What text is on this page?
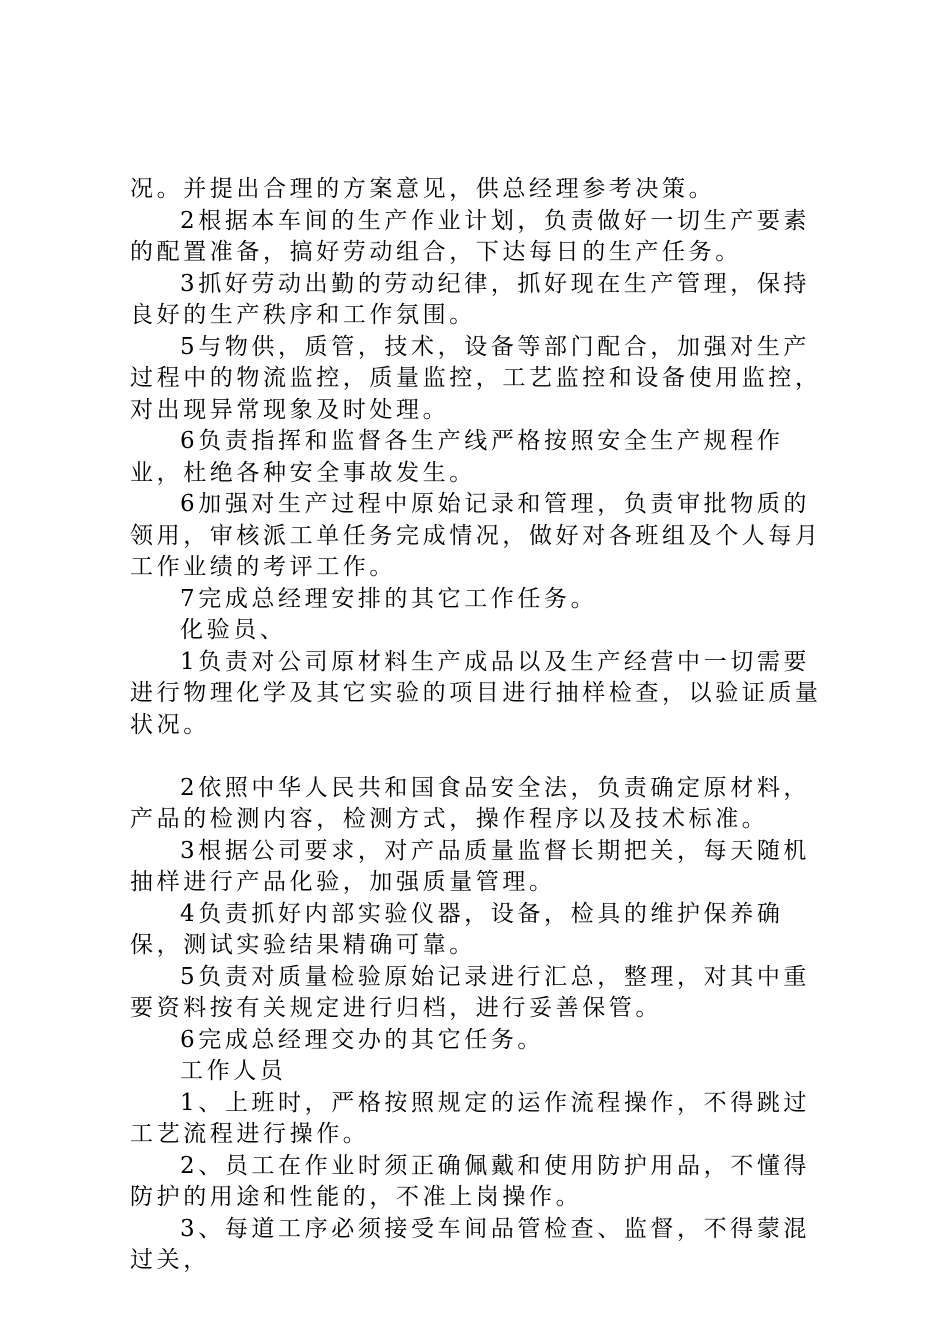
况。并提出合理的方案意见，供总经理参考决策。

2根据本车间的生产作业计划，负责做好一切生产要素的配置准备，搞好劳动组合，下达每日的生产任务。

3抓好劳动出勤的劳动纪律，抓好现在生产管理，保持良好的生产秩序和工作氛围。

5与物供，质管，技术，设备等部门配合，加强对生产过程中的物流监控，质量监控，工艺监控和设备使用监控，对出现异常现象及时处理。

6负责指挥和监督各生产线严格按照安全生产规程作业，杜绝各种安全事故发生。

6加强对生产过程中原始记录和管理，负责审批物质的领用，审核派工单任务完成情况，做好对各班组及个人每月工作业绩的考评工作。

7完成总经理安排的其它工作任务。

化验员、

1负责对公司原材料生产成品以及生产经营中一切需要进行物理化学及其它实验的项目进行抽样检查，以验证质量状况。

2依照中华人民共和国食品安全法，负责确定原材料，产品的检测内容，检测方式，操作程序以及技术标准。

3根据公司要求，对产品质量监督长期把关，每天随机抽样进行产品化验，加强质量管理。

4负责抓好内部实验仪器，设备，检具的维护保养确保，测试实验结果精确可靠。

5负责对质量检验原始记录进行汇总，整理，对其中重要资料按有关规定进行归档，进行妥善保管。

6完成总经理交办的其它任务。

工作人员

1、上班时，严格按照规定的运作流程操作，不得跳过工艺流程进行操作。

2、员工在作业时须正确佩戴和使用防护用品，不懂得防护的用途和性能的，不准上岗操作。

3、每道工序必须接受车间品管检查、监督，不得蒙混过关，
